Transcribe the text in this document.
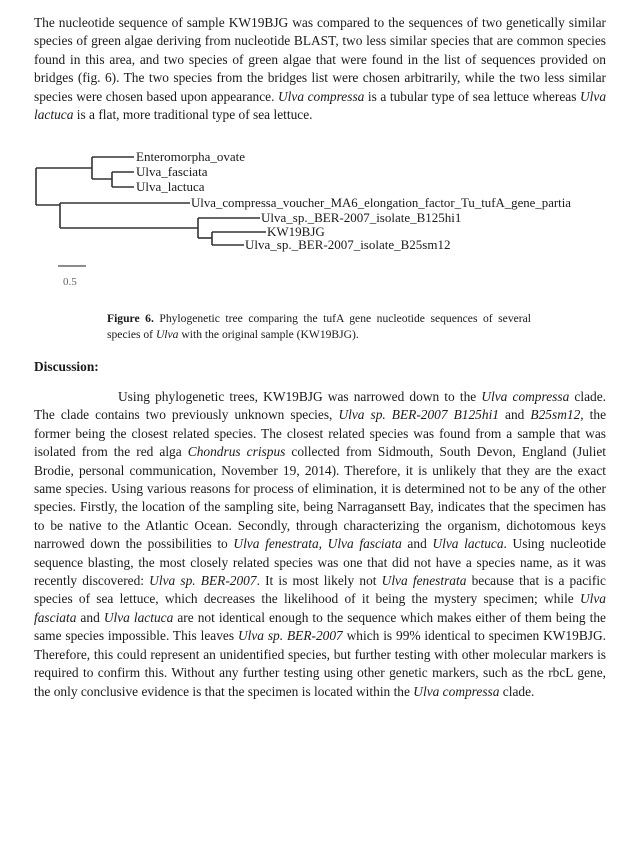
The nucleotide sequence of sample KW19BJG was compared to the sequences of two genetically similar species of green algae deriving from nucleotide BLAST, two less similar species that are common species found in this area, and two species of green algae that were found in the list of sequences provided on bridges (fig. 6). The two species from the bridges list were chosen arbitrarily, while the two less similar species were chosen based upon appearance. Ulva compressa is a tubular type of sea lettuce whereas Ulva lactuca is a flat, more traditional type of sea lettuce.

Enteromorpha_ovate
Ulva_fasciata
Ulva_lactuca
Ulva_compressa_voucher_MA6_elongation_factor_Tu_tufA_gene_partia
Ulva_sp._BER-2007_isolate_B125hi1
KW19BJG
Ulva_sp._BER-2007_isolate_B25sm12
0.5

Figure 6. Phylogenetic tree comparing the tufA gene nucleotide sequences of several species of Ulva with the original sample (KW19BJG).

Discussion:

Using phylogenetic trees, KW19BJG was narrowed down to the Ulva compressa clade. The clade contains two previously unknown species, Ulva sp. BER-2007 B125hi1 and B25sm12, the former being the closest related species. The closest related species was found from a sample that was isolated from the red alga Chondrus crispus collected from Sidmouth, South Devon, England (Juliet Brodie, personal communication, November 19, 2014). Therefore, it is unlikely that they are the exact same species. Using various reasons for process of elimination, it is determined not to be any of the other species. Firstly, the location of the sampling site, being Narragansett Bay, indicates that the specimen has to be native to the Atlantic Ocean. Secondly, through characterizing the organism, dichotomous keys narrowed down the possibilities to Ulva fenestrata, Ulva fasciata and Ulva lactuca. Using nucleotide sequence blasting, the most closely related species was one that did not have a species name, as it was recently discovered: Ulva sp. BER-2007. It is most likely not Ulva fenestrata because that is a pacific species of sea lettuce, which decreases the likelihood of it being the mystery specimen; while Ulva fasciata and Ulva lactuca are not identical enough to the sequence which makes either of them being the same species impossible. This leaves Ulva sp. BER-2007 which is 99% identical to specimen KW19BJG. Therefore, this could represent an unidentified species, but further testing with other molecular markers is required to confirm this. Without any further testing using other genetic markers, such as the rbcL gene, the only conclusive evidence is that the specimen is located within the Ulva compressa clade.
